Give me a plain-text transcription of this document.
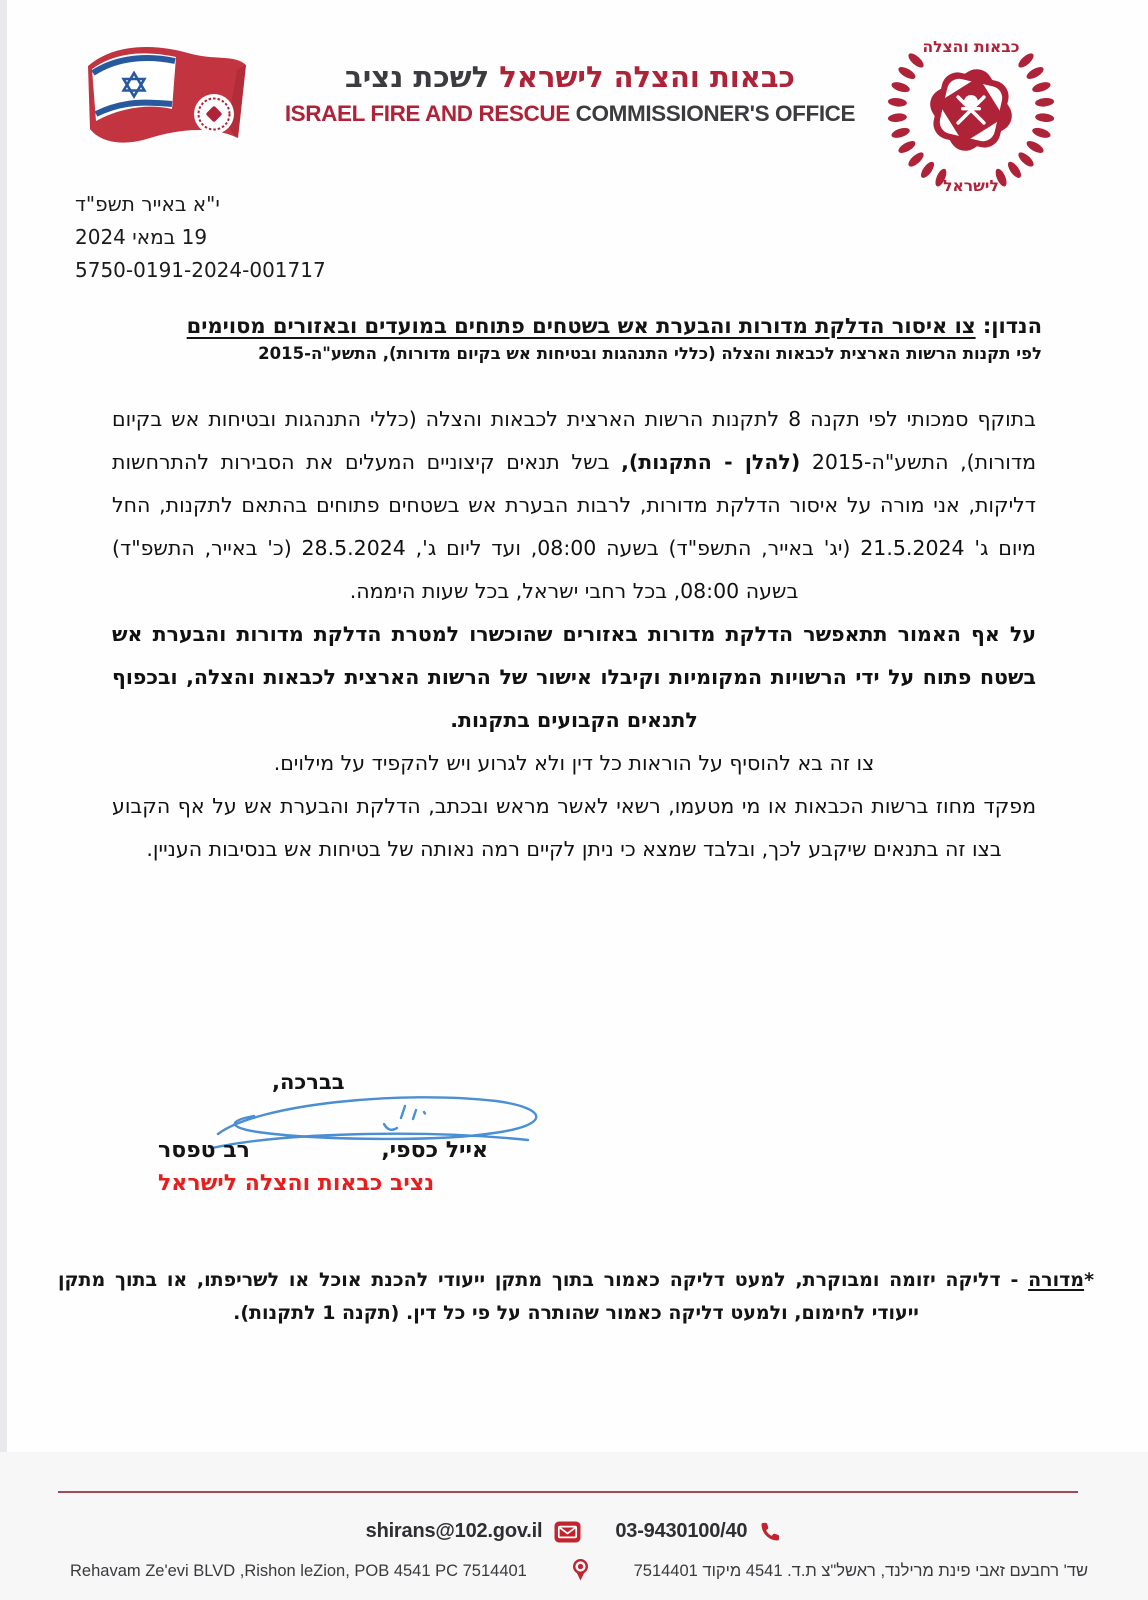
כבאות והצלה לישראל לשכת נציב
ISRAEL FIRE AND RESCUE COMMISSIONER'S OFFICE
כבאות והצלה
לישראל
י"א באייר תשפ"ד
19 במאי 2024
5750-0191-2024-001717
הנדון: צו איסור הדלקת מדורות והבערת אש בשטחים פתוחים במועדים ובאזורים מסוימים
לפי תקנות הרשות הארצית לכבאות והצלה (כללי התנהגות ובטיחות אש בקיום מדורות), התשע"ה-2015

בתוקף סמכותי לפי תקנה 8 לתקנות הרשות הארצית לכבאות והצלה (כללי התנהגות ובטיחות אש בקיום מדורות), התשע"ה-2015 (להלן - התקנות), בשל תנאים קיצוניים המעלים את הסבירות להתרחשות דליקות, אני מורה על איסור הדלקת מדורות, לרבות הבערת אש בשטחים פתוחים בהתאם לתקנות, החל מיום ג' 21.5.2024 (יג' באייר, התשפ"ד) בשעה 08:00, ועד ליום ג', 28.5.2024 (כ' באייר, התשפ"ד) בשעה 08:00, בכל רחבי ישראל, בכל שעות היממה.

על אף האמור תתאפשר הדלקת מדורות באזורים שהוכשרו למטרת הדלקת מדורות והבערת אש בשטח פתוח על ידי הרשויות המקומיות וקיבלו אישור של הרשות הארצית לכבאות והצלה, ובכפוף לתנאים הקבועים בתקנות.

צו זה בא להוסיף על הוראות כל דין ולא לגרוע ויש להקפיד על מילוים.

מפקד מחוז ברשות הכבאות או מי מטעמו, רשאי לאשר מראש ובכתב, הדלקת והבערת אש על אף הקבוע בצו זה בתנאים שיקבע לכך, ובלבד שמצא כי ניתן לקיים רמה נאותה של בטיחות אש בנסיבות העניין.

בברכה,
אייל כספי,
רב טפסר
נציב כבאות והצלה לישראל
*מדורה - דליקה יזומה ומבוקרת, למעט דליקה כאמור בתוך מתקן ייעודי להכנת אוכל או לשריפתו, או בתוך מתקן ייעודי לחימום, ולמעט דליקה כאמור שהותרה על פי כל דין. (תקנה 1 לתקנות).
shirans@102.gov.il	03-9430100/40
Rehavam Ze'evi BLVD ,Rishon leZion, POB 4541 PC 7514401	שד' רחבעם זאבי פינת מרילנד, ראשל"צ ת.ד. 4541 מיקוד 7514401
